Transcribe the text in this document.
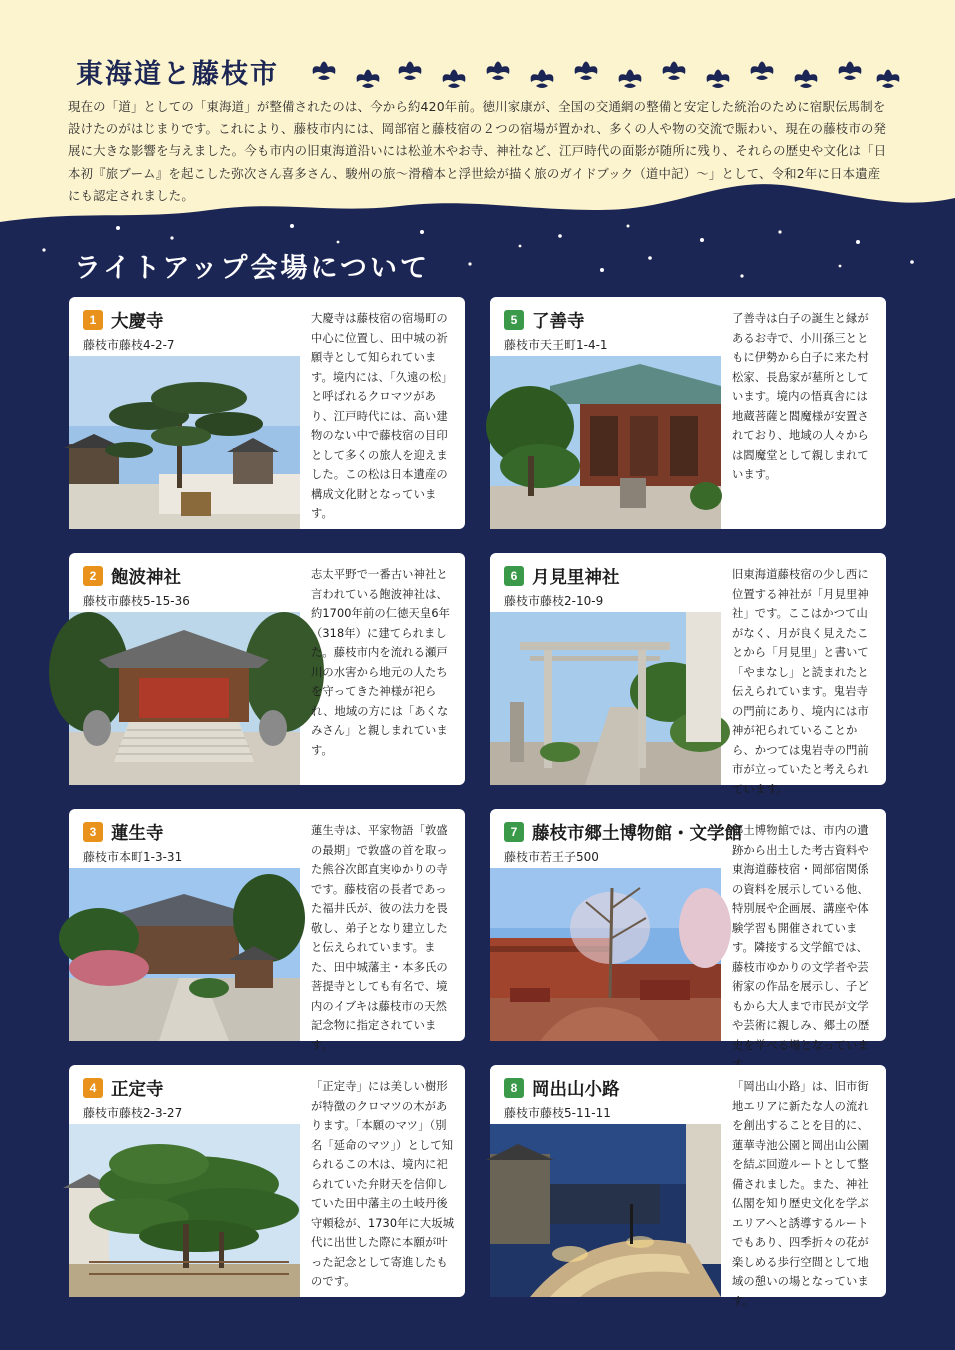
東海道と藤枝市

現在の「道」としての「東海道」が整備されたのは、今から約420年前。徳川家康が、全国の交通網の整備と安定した統治のために宿駅伝馬制を設けたのがはじまりです。これにより、藤枝市内には、岡部宿と藤枝宿の２つの宿場が置かれ、多くの人や物の交流で賑わい、現在の藤枝市の発展に大きな影響を与えました。今も市内の旧東海道沿いには松並木やお寺、神社など、江戸時代の面影が随所に残り、それらの歴史や文化は「日本初『旅ブーム』を起こした弥次さん喜多さん、駿州の旅〜滑稽本と浮世絵が描く旅のガイドブック（道中記）〜」として、令和2年に日本遺産にも認定されました。

ライトアップ会場について
1 大慶寺
藤枝市藤枝4-2-7

大慶寺は藤枝宿の宿場町の中心に位置し、田中城の祈願寺として知られています。境内には、「久遠の松」と呼ばれるクロマツがあり、江戸時代には、高い建物のない中で藤枝宿の目印として多くの旅人を迎えました。この松は日本遺産の構成文化財となっています。

5 了善寺
藤枝市天王町1-4-1

了善寺は白子の誕生と縁があるお寺で、小川孫三とともに伊勢から白子に来た村松家、長島家が墓所としています。境内の悟真舎には地蔵菩薩と閻魔様が安置されており、地域の人々からは閻魔堂として親しまれています。

2 飽波神社
藤枝市藤枝5-15-36

志太平野で一番古い神社と言われている飽波神社は、約1700年前の仁徳天皇6年（318年）に建てられました。藤枝市内を流れる瀬戸川の水害から地元の人たちを守ってきた神様が祀られ、地域の方には「あくなみさん」と親しまれています。

6 月見里神社
藤枝市藤枝2-10-9

旧東海道藤枝宿の少し西に位置する神社が「月見里神社」です。ここはかつて山がなく、月が良く見えたことから「月見里」と書いて「やまなし」と読まれたと伝えられています。鬼岩寺の門前にあり、境内には市神が祀られていることから、かつては鬼岩寺の門前市が立っていたと考えられています。

3 蓮生寺
藤枝市本町1-3-31

蓮生寺は、平家物語「敦盛の最期」で敦盛の首を取った熊谷次郎直実ゆかりの寺です。藤枝宿の長者であった福井氏が、彼の法力を畏敬し、弟子となり建立したと伝えられています。また、田中城藩主・本多氏の菩提寺としても有名で、境内のイブキは藤枝市の天然記念物に指定されています。

7 藤枝市郷土博物館・文学館
藤枝市若王子500

郷土博物館では、市内の遺跡から出土した考古資料や東海道藤枝宿・岡部宿関係の資料を展示している他、特別展や企画展、講座や体験学習も開催されています。隣接する文学館では、藤枝市ゆかりの文学者や芸術家の作品を展示し、子どもから大人まで市民が文学や芸術に親しみ、郷土の歴史を学べる場となっていま

4 正定寺
藤枝市藤枝2-3-27

「正定寺」には美しい樹形が特徴のクロマツの木があります。「本願のマツ」（別名「延命のマツ」）として知られるこの木は、境内に祀られていた弁財天を信仰していた田中藩主の土岐丹後守頼稔が、1730年に大坂城代に出世した際に本願が叶った記念として寄進したものです。

8 岡出山小路
藤枝市藤枝5-11-11

「岡出山小路」は、旧市街地エリアに新たな人の流れを創出することを目的に、蓮華寺池公園と岡出山公園を結ぶ回遊ルートとして整備されました。また、神社仏閣を知り歴史文化を学ぶエリアへと誘導するルートでもあり、四季折々の花が楽しめる歩行空間として地域の憩いの場となっています。
